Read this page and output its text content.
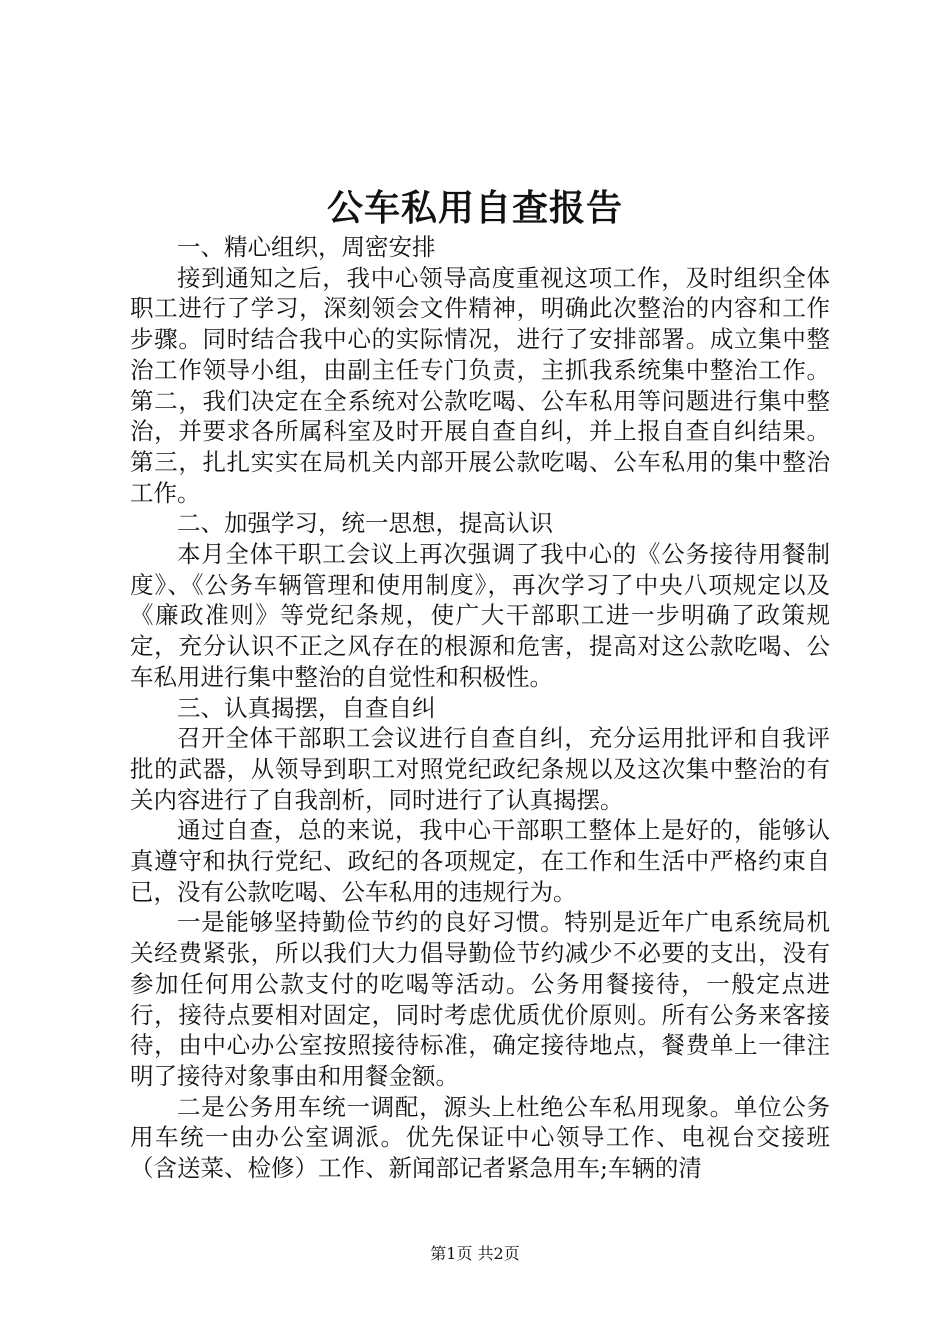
公车私用自查报告

一、精心组织，周密安排

接到通知之后，我中心领导高度重视这项工作，及时组织全体职工进行了学习，深刻领会文件精神，明确此次整治的内容和工作步骤。同时结合我中心的实际情况，进行了安排部署。成立集中整治工作领导小组，由副主任专门负责，主抓我系统集中整治工作。第二，我们决定在全系统对公款吃喝、公车私用等问题进行集中整治，并要求各所属科室及时开展自查自纠，并上报自查自纠结果。第三，扎扎实实在局机关内部开展公款吃喝、公车私用的集中整治工作。

二、加强学习，统一思想，提高认识

本月全体干职工会议上再次强调了我中心的《公务接待用餐制度》、《公务车辆管理和使用制度》，再次学习了中央八项规定以及《廉政准则》等党纪条规，使广大干部职工进一步明确了政策规定，充分认识不正之风存在的根源和危害，提高对这公款吃喝、公车私用进行集中整治的自觉性和积极性。

三、认真揭摆，自查自纠

召开全体干部职工会议进行自查自纠，充分运用批评和自我评批的武器，从领导到职工对照党纪政纪条规以及这次集中整治的有关内容进行了自我剖析，同时进行了认真揭摆。

通过自查，总的来说，我中心干部职工整体上是好的，能够认真遵守和执行党纪、政纪的各项规定，在工作和生活中严格约束自已，没有公款吃喝、公车私用的违规行为。

一是能够坚持勤俭节约的良好习惯。特别是近年广电系统局机关经费紧张，所以我们大力倡导勤俭节约减少不必要的支出，没有参加任何用公款支付的吃喝等活动。公务用餐接待，一般定点进行，接待点要相对固定，同时考虑优质优价原则。所有公务来客接待，由中心办公室按照接待标准，确定接待地点，餐费单上一律注明了接待对象事由和用餐金额。

二是公务用车统一调配，源头上杜绝公车私用现象。单位公务用车统一由办公室调派。优先保证中心领导工作、电视台交接班（含送菜、检修）工作、新闻部记者紧急用车;车辆的清

第1页 共2页
